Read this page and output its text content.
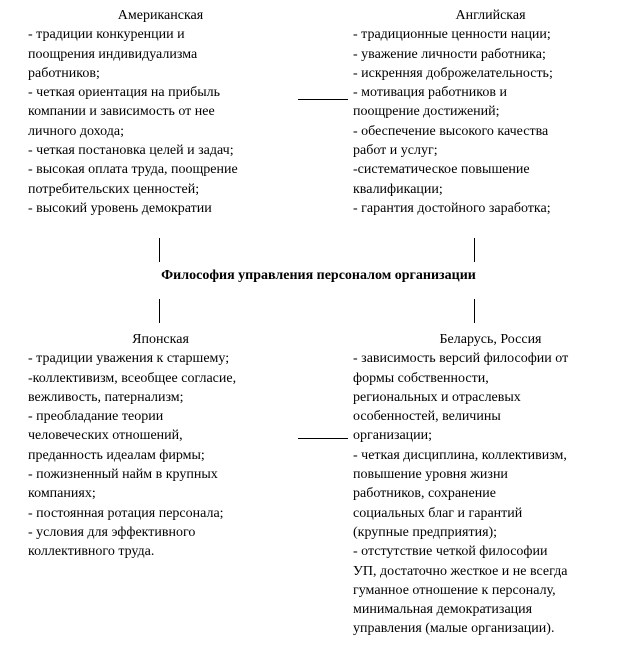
Американская
- традиции конкуренции и
поощрения индивидуализма
работников;
- четкая ориентация на прибыль
компании и зависимость от нее
личного дохода;
- четкая постановка целей и задач;
- высокая оплата труда, поощрение
потребительских ценностей;
- высокий уровень демократии
Английская
- традиционные ценности нации;
- уважение личности работника;
- искренняя доброжелательность;
- мотивация работников и
поощрение достижений;
- обеспечение высокого качества
работ и услуг;
-систематическое повышение
квалификации;
- гарантия достойного заработка;
Философия управления персоналом организации
Японская
- традиции уважения к старшему;
-коллективизм, всеобщее согласие,
вежливость, патернализм;
- преобладание теории
человеческих отношений,
преданность идеалам фирмы;
- пожизненный найм в крупных
компаниях;
- постоянная ротация персонала;
- условия для эффективного
коллективного труда.
Беларусь, Россия
- зависимость версий философии от
формы собственности,
региональных и отраслевых
особенностей, величины
организации;
- четкая дисциплина, коллективизм,
повышение уровня жизни
работников, сохранение
социальных благ и гарантий
(крупные предприятия);
- отстутствие четкой философии
УП, достаточно жесткое и не всегда
гуманное отношение к персоналу,
минимальная демократизация
управления (малые организации).
